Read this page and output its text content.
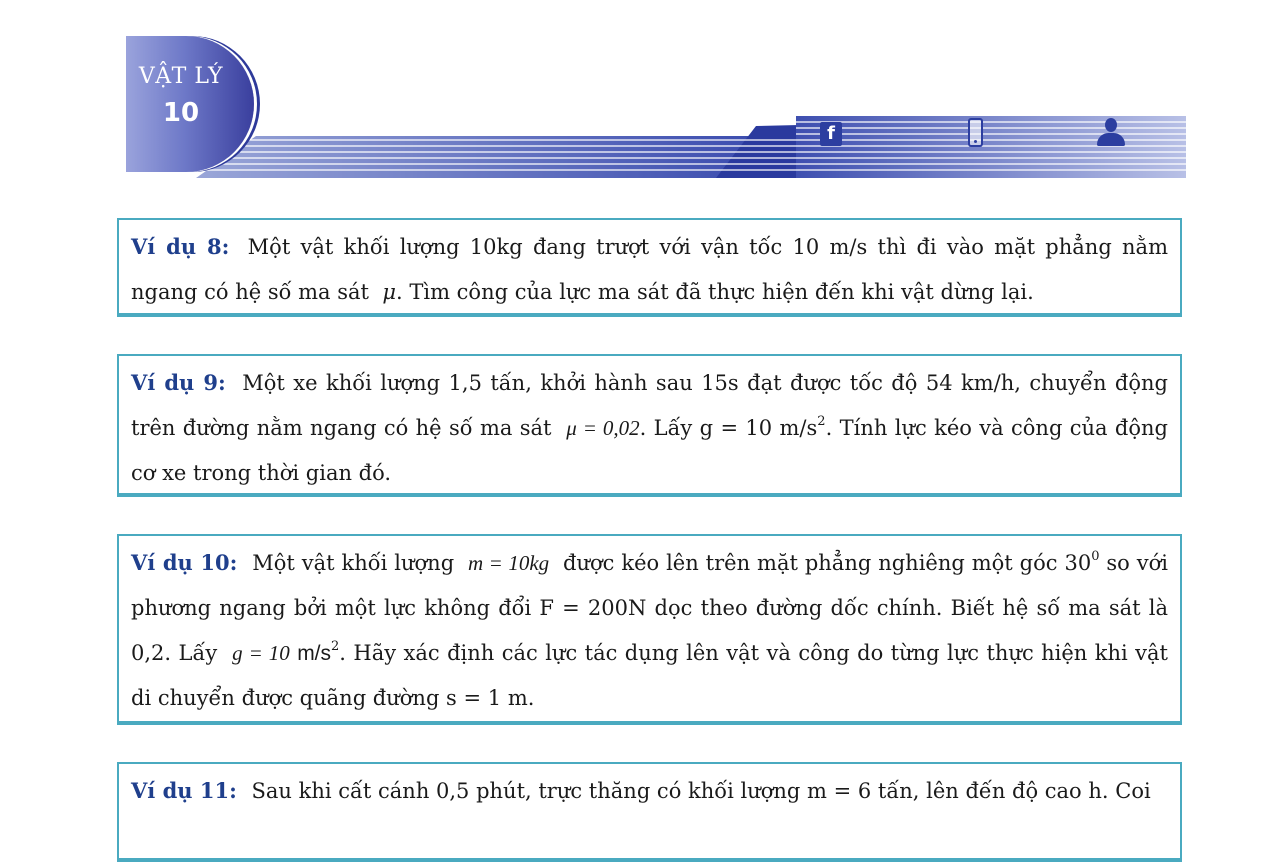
VẬT LÝ
10
f
Ví dụ 8: Một vật khối lượng 10kg đang trượt với vận tốc 10 m/s thì đi vào mặt phẳng nằm ngang có hệ số ma sát μ. Tìm công của lực ma sát đã thực hiện đến khi vật dừng lại.
Ví dụ 9: Một xe khối lượng 1,5 tấn, khởi hành sau 15s đạt được tốc độ 54 km/h, chuyển động trên đường nằm ngang có hệ số ma sát μ = 0,02. Lấy g = 10 $m/s^2$. Tính lực kéo và công của động cơ xe trong thời gian đó.
Ví dụ 10: Một vật khối lượng m = 10kg được kéo lên trên mặt phẳng nghiêng một góc $30^0$ so với phương ngang bởi một lực không đổi F = 200N dọc theo đường dốc chính. Biết hệ số ma sát là 0,2. Lấy g = 10 $m/s^2$. Hãy xác định các lực tác dụng lên vật và công do từng lực thực hiện khi vật di chuyển được quãng đường s = 1 m.
Ví dụ 11: Sau khi cất cánh 0,5 phút, trực thăng có khối lượng m = 6 tấn, lên đến độ cao h. Coi
